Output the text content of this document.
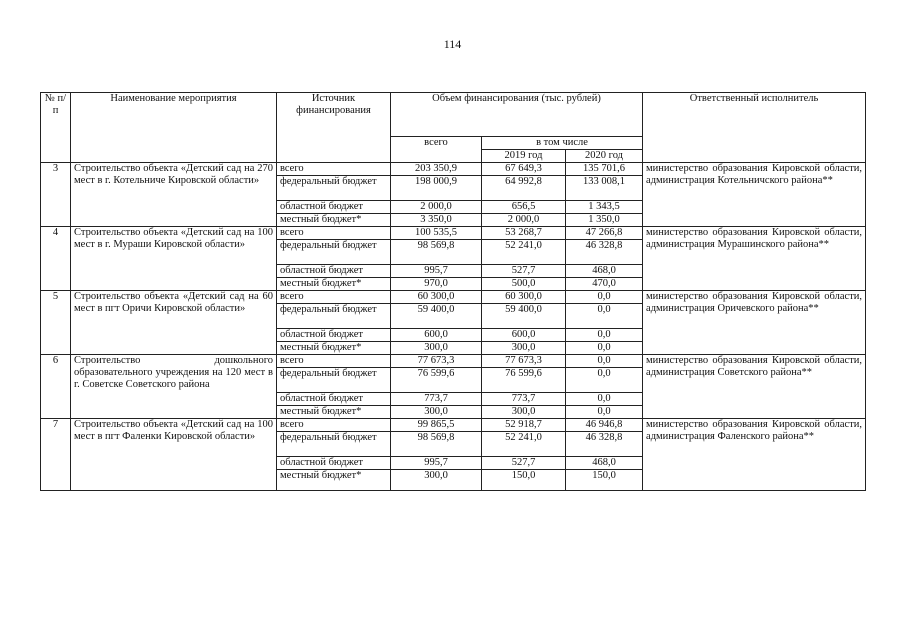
114
№ п/п	Наименование мероприятия	Источник финансирования	Объем финансирования (тыс. рублей)			Ответственный исполнитель
			всего	в том числе		
				2019 год	2020 год	
3	Строительство объекта «Детский сад на 270 мест в г. Котельниче Кировской области»	всего	203 350,9	67 649,3	135 701,6	министерство образования Кировской области, администрация Котельничского района**
		федеральный бюджет	198 000,9	64 992,8	133 008,1	
		областной бюджет	2 000,0	656,5	1 343,5	
		местный бюджет*	3 350,0	2 000,0	1 350,0	
4	Строительство объекта «Детский сад на 100 мест в г. Мураши Кировской области»	всего	100 535,5	53 268,7	47 266,8	министерство образования Кировской области, администрация Мурашинского района**
		федеральный бюджет	98 569,8	52 241,0	46 328,8	
		областной бюджет	995,7	527,7	468,0	
		местный бюджет*	970,0	500,0	470,0	
5	Строительство объекта «Детский сад на 60 мест в пгт Оричи Кировской области»	всего	60 300,0	60 300,0	0,0	министерство образования Кировской области, администрация Оричевского района**
		федеральный бюджет	59 400,0	59 400,0	0,0	
		областной бюджет	600,0	600,0	0,0	
		местный бюджет*	300,0	300,0	0,0	
6	Строительство дошкольного образовательного учреждения на 120 мест в г. Советске Советского района	всего	77 673,3	77 673,3	0,0	министерство образования Кировской области, администрация Советского района**
		федеральный бюджет	76 599,6	76 599,6	0,0	
		областной бюджет	773,7	773,7	0,0	
		местный бюджет*	300,0	300,0	0,0	
7	Строительство объекта «Детский сад на 100 мест в пгт Фаленки Кировской области»	всего	99 865,5	52 918,7	46 946,8	министерство образования Кировской области, администрация Фаленского района**
		федеральный бюджет	98 569,8	52 241,0	46 328,8	
		областной бюджет	995,7	527,7	468,0	
		местный бюджет*	300,0	150,0	150,0	
